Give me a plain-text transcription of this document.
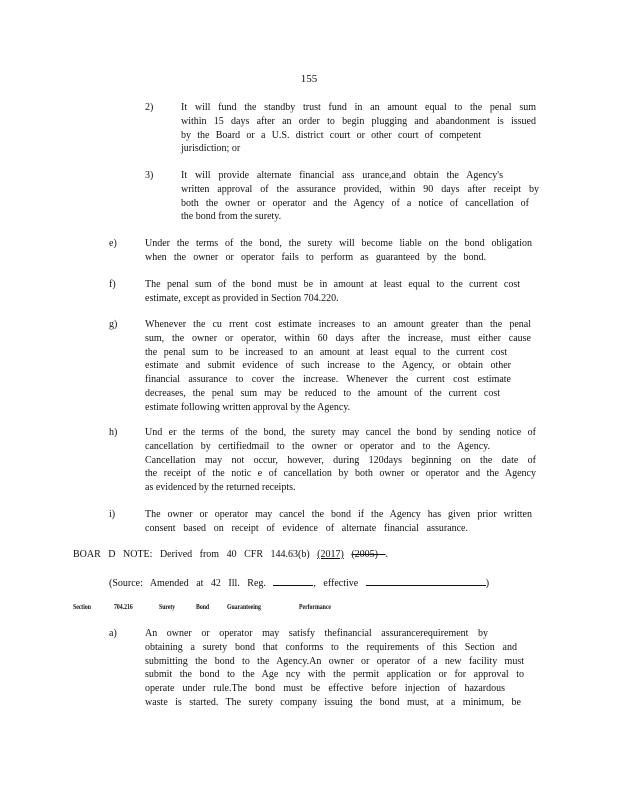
155
2)	It will fund the standby trust fund in an amount equal to the penal sum
within 15 days after an order to begin plugging and abandonment is issued
by the Board or a U.S. district court or other court of competent
jurisdiction; or
3)	It will provide alternate financial ass urance,and obtain the Agency's
written approval of the assurance provided, within 90 days after receipt by
both the owner or operator and the Agency of a notice of cancellation of
the bond from the surety.
e)	Under the terms of the bond, the surety will become liable on the bond obligation
when the owner or operator fails to perform as guaranteed by the bond.
f)	The penal sum of the bond must be in amount at least equal to the current cost
estimate, except as provided in Section 704.220.
g)	Whenever the cu rrent cost estimate increases to an amount greater than the penal
sum, the owner or operator, within 60 days after the increase, must either cause
the penal sum to be increased to an amount at least equal to the current cost
estimate and submit evidence of such increase to the Agency, or obtain other
financial assurance to cover the increase. Whenever the current cost estimate
decreases, the penal sum may be reduced to the amount of the current cost
estimate following written approval by the Agency.
h)	Und er the terms of the bond, the surety may cancel the bond by sending notice of
cancellation by certifiedmail to the owner or operator and to the Agency.
Cancellation may not occur, however, during 120days beginning on the date of
the receipt of the notic e of cancellation by both owner or operator and the Agency
as evidenced by the returned receipts.
i)	The owner or operator may cancel the bond if the Agency has given prior written
consent based on receipt of evidence of alternate financial assurance.
BOAR D NOTE: Derived from 40 CFR 144.63(b) (2017) (2005) .
(Source: Amended at 42 Ill. Reg.	, effective	)
Section	704.216	Surety	Bond Guaranteeing	Performance
a)	An owner or operator may satisfy thefinancial assurancerequirement by
obtaining a surety bond that conforms to the requirements of this Section and
submitting the bond to the Agency.An owner or operator of a new facility must
submit the bond to the Age ncy with the permit application or for approval to
operate under rule.The bond must be effective before injection of hazardous
waste is started. The surety company issuing the bond must, at a minimum, be
